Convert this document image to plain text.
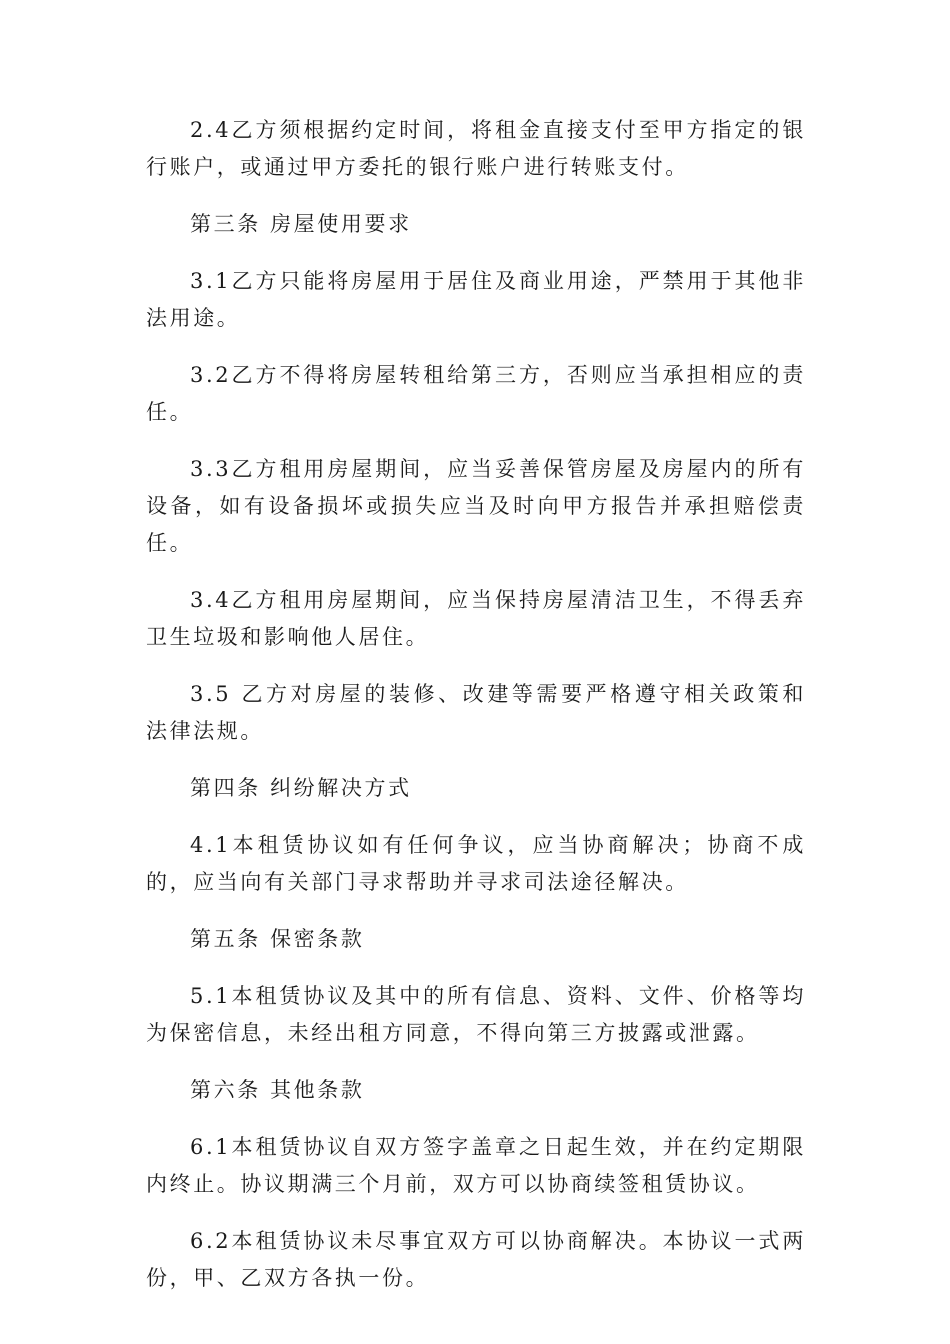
2.4乙方须根据约定时间，将租金直接支付至甲方指定的银行账户，或通过甲方委托的银行账户进行转账支付。

第三条 房屋使用要求

3.1乙方只能将房屋用于居住及商业用途，严禁用于其他非法用途。

3.2乙方不得将房屋转租给第三方，否则应当承担相应的责任。

3.3乙方租用房屋期间，应当妥善保管房屋及房屋内的所有设备，如有设备损坏或损失应当及时向甲方报告并承担赔偿责任。

3.4乙方租用房屋期间，应当保持房屋清洁卫生，不得丢弃卫生垃圾和影响他人居住。

3.5 乙方对房屋的装修、改建等需要严格遵守相关政策和法律法规。

第四条 纠纷解决方式

4.1本租赁协议如有任何争议，应当协商解决；协商不成的，应当向有关部门寻求帮助并寻求司法途径解决。

第五条 保密条款

5.1本租赁协议及其中的所有信息、资料、文件、价格等均为保密信息，未经出租方同意，不得向第三方披露或泄露。

第六条 其他条款

6.1本租赁协议自双方签字盖章之日起生效，并在约定期限内终止。协议期满三个月前，双方可以协商续签租赁协议。

6.2本租赁协议未尽事宜双方可以协商解决。本协议一式两份，甲、乙双方各执一份。
